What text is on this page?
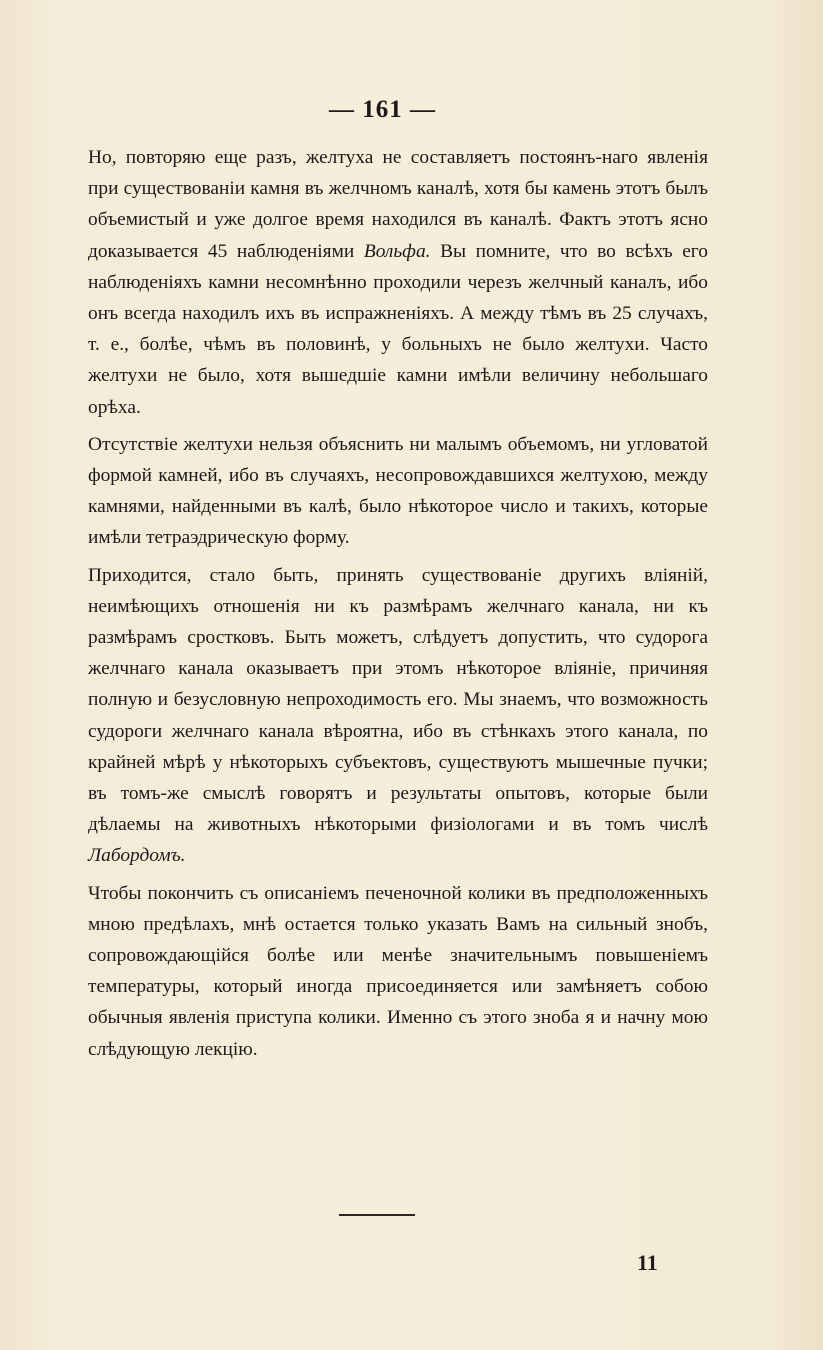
— 161 —

Но, повторяю еще разъ, желтуха не составляетъ постоянъ-наго явленія при существованіи камня въ желчномъ каналѣ, хотя бы камень этотъ былъ объемистый и уже долгое время находился въ каналѣ. Фактъ этотъ ясно доказывается 45 наблюденіями Вольфа. Вы помните, что во всѣхъ его наблюденіяхъ камни несомнѣнно проходили черезъ желчный каналъ, ибо онъ всегда находилъ ихъ въ испражненіяхъ. А между тѣмъ въ 25 случахъ, т. е., болѣе, чѣмъ въ половинѣ, у больныхъ не было желтухи. Часто желтухи не было, хотя вышедшіе камни имѣли величину небольшаго орѣха.

Отсутствіе желтухи нельзя объяснить ни малымъ объемомъ, ни угловатой формой камней, ибо въ случаяхъ, несопровождавшихся желтухою, между камнями, найденными въ калѣ, было нѣкоторое число и такихъ, которые имѣли тетраэдрическую форму.

Приходится, стало быть, принять существованіе другихъ вліяній, неимѣющихъ отношенія ни къ размѣрамъ желчнаго канала, ни къ размѣрамъ сростковъ. Быть можетъ, слѣдуетъ допустить, что судорога желчнаго канала оказываетъ при этомъ нѣкоторое вліяніе, причиняя полную и безусловную непроходимость его. Мы знаемъ, что возможность судороги желчнаго канала вѣроятна, ибо въ стѣнкахъ этого канала, по крайней мѣрѣ у нѣкоторыхъ субъектовъ, существуютъ мышечные пучки; въ томъ-же смыслѣ говорятъ и результаты опытовъ, которые были дѣлаемы на животныхъ нѣкоторыми физіологами и въ томъ числѣ Лабордомъ.

Чтобы покончить съ описаніемъ печеночной колики въ предположенныхъ мною предѣлахъ, мнѣ остается только указать Вамъ на сильный знобъ, сопровождающійся болѣе или менѣе значительнымъ повышеніемъ температуры, который иногда присоединяется или замѣняетъ собою обычныя явленія приступа колики. Именно съ этого зноба я и начну мою слѣдующую лекцію.

11
